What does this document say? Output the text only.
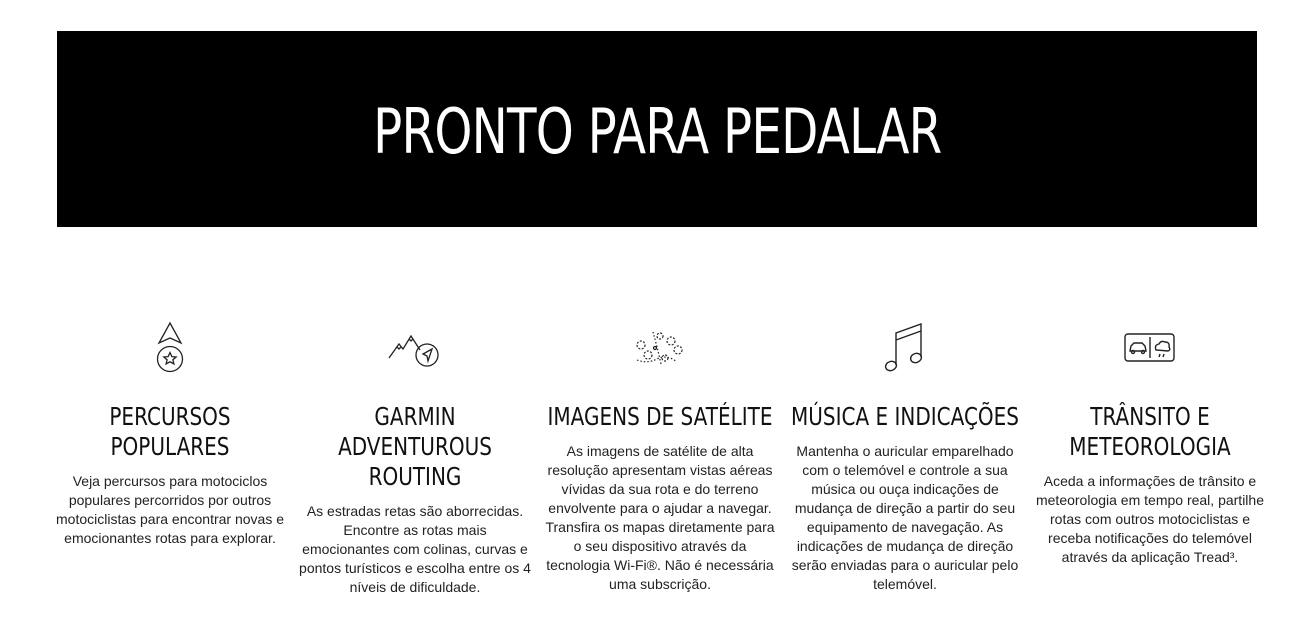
PRONTO PARA PEDALAR
PERCURSOS
POPULARES
Veja percursos para motociclos populares percorridos por outros motociclistas para encontrar novas e emocionantes rotas para explorar.
GARMIN ADVENTUROUS
ROUTING
As estradas retas são aborrecidas. Encontre as rotas mais emocionantes com colinas, curvas e pontos turísticos e escolha entre os 4 níveis de dificuldade.
IMAGENS DE SATÉLITE
As imagens de satélite de alta resolução apresentam vistas aéreas vívidas da sua rota e do terreno envolvente para o ajudar a navegar. Transfira os mapas diretamente para o seu dispositivo através da tecnologia Wi-Fi®. Não é necessária uma subscrição.
MÚSICA E INDICAÇÕES
Mantenha o auricular emparelhado com o telemóvel e controle a sua música ou ouça indicações de mudança de direção a partir do seu equipamento de navegação. As indicações de mudança de direção serão enviadas para o auricular pelo telemóvel.
TRÂNSITO E
METEOROLOGIA
Aceda a informações de trânsito e meteorologia em tempo real, partilhe rotas com outros motociclistas e receba notificações do telemóvel através da aplicação Tread³.
